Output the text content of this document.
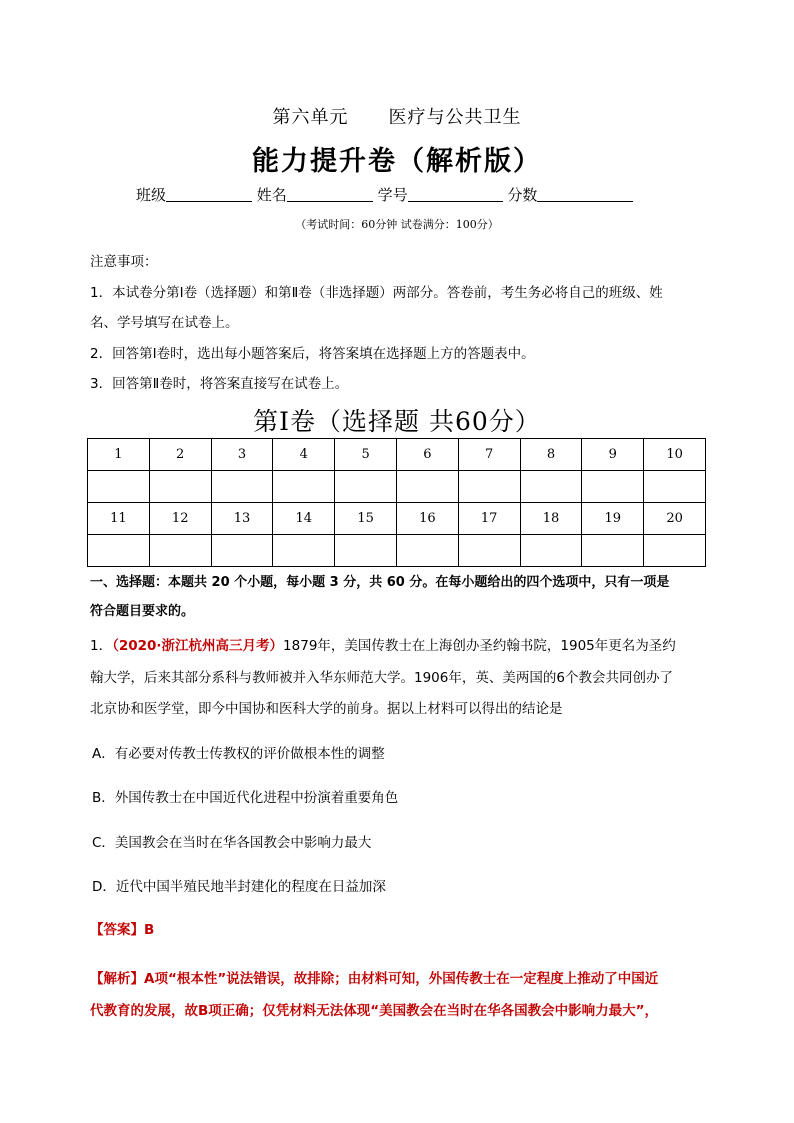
第六单元 医疗与公共卫生
能力提升卷（解析版）
班级	姓名	学号	分数
（考试时间：60分钟 试卷满分：100分）
注意事项：
1．本试卷分第Ⅰ卷（选择题）和第Ⅱ卷（非选择题）两部分。答卷前，考生务必将自己的班级、姓
名、学号填写在试卷上。
2．回答第Ⅰ卷时，选出每小题答案后，将答案填在选择题上方的答题表中。
3．回答第Ⅱ卷时，将答案直接写在试卷上。
第Ⅰ卷（选择题 共60分）
1	2	3	4	5	6	7	8	9	10

11	12	13	14	15	16	17	18	19	20

一、选择题：本题共 20 个小题，每小题 3 分，共 60 分。在每小题给出的四个选项中，只有一项是
符合题目要求的。
1．（2020·浙江杭州高三月考）1879年，美国传教士在上海创办圣约翰书院，1905年更名为圣约
翰大学，后来其部分系科与教师被并入华东师范大学。1906年，英、美两国的6个教会共同创办了
北京协和医学堂，即今中国协和医科大学的前身。据以上材料可以得出的结论是
A．有必要对传教士传教权的评价做根本性的调整
B．外国传教士在中国近代化进程中扮演着重要角色
C．美国教会在当时在华各国教会中影响力最大
D．近代中国半殖民地半封建化的程度在日益加深
【答案】B
【解析】A项“根本性”说法错误，故排除；由材料可知，外国传教士在一定程度上推动了中国近
代教育的发展，故B项正确；仅凭材料无法体现“美国教会在当时在华各国教会中影响力最大”，
